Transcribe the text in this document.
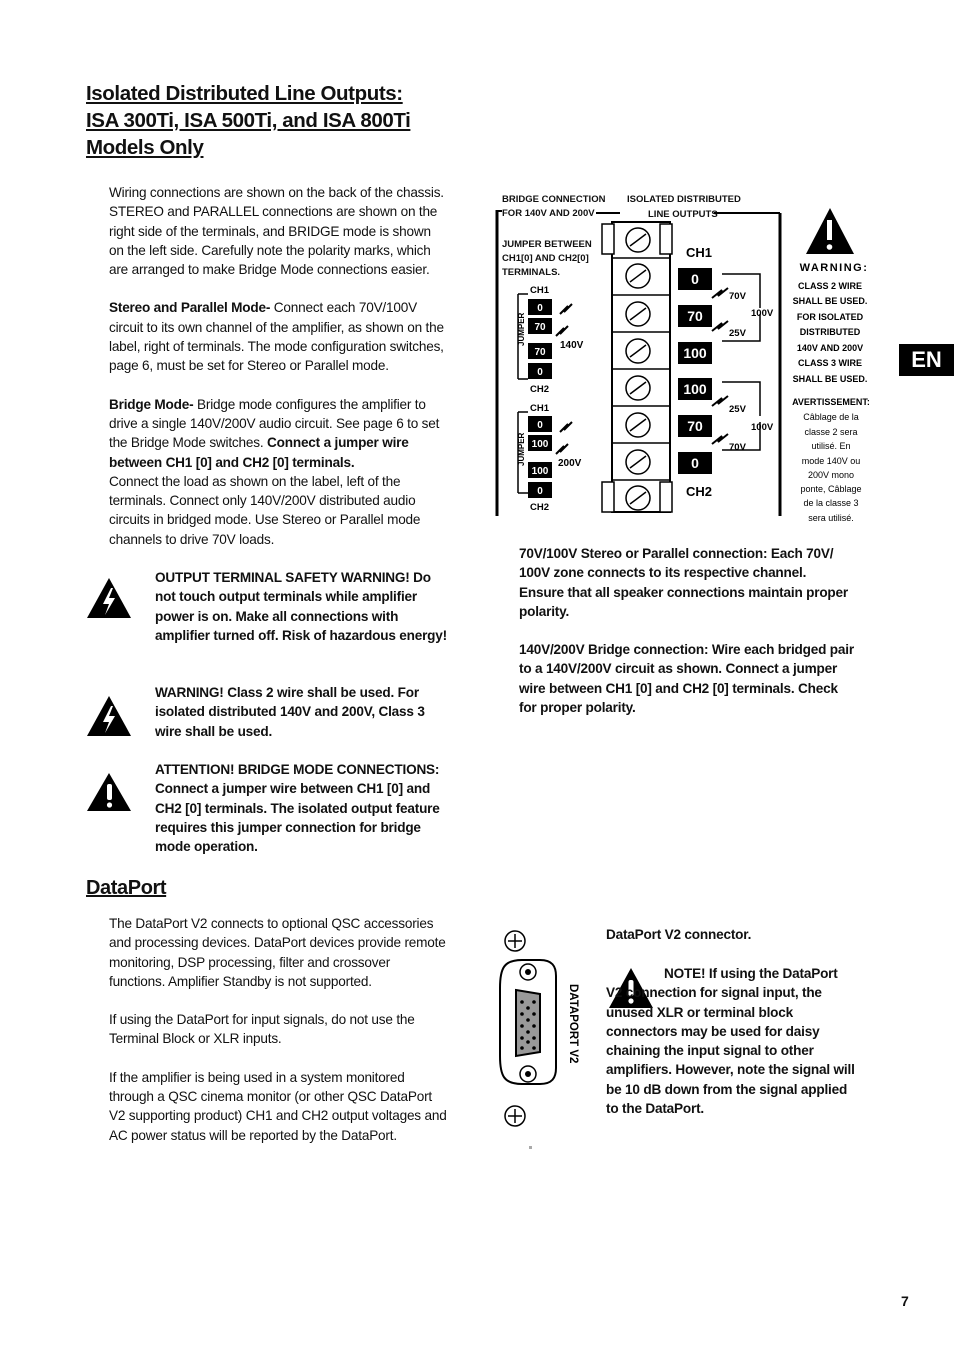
Isolated Distributed Line Outputs:
ISA 300Ti, ISA 500Ti, and ISA 800Ti
Models Only

Wiring connections are shown on the back of the chassis. STEREO and PARALLEL connections are shown on the right side of the terminals, and BRIDGE mode is shown on the left side. Carefully note the polarity marks, which are arranged to make Bridge Mode connections easier.

Stereo and Parallel Mode- Connect each 70V/100V circuit to its own channel of the amplifier, as shown on the label, right of terminals. The mode configuration switches, page 6, must be set for Stereo or Parallel mode.

Bridge Mode- Bridge mode configures the amplifier to drive a single 140V/200V audio circuit. See page 6 to set the Bridge Mode switches. Connect a jumper wire between CH1 [0] and CH2 [0] terminals.

Connect the load as shown on the label, left of the terminals. Connect only 140V/200V distributed audio circuits in bridged mode. Use Stereo or Parallel mode channels to drive 70V loads.

OUTPUT TERMINAL SAFETY WARNING! Do not touch output terminals while amplifier power is on. Make all connections with amplifier turned off. Risk of hazardous energy!
WARNING! Class 2 wire shall be used. For isolated distributed 140V and 200V, Class 3 wire shall be used.
ATTENTION! BRIDGE MODE CONNECTIONS: Connect a jumper wire between CH1 [0] and CH2 [0] terminals. The isolated output feature requires this jumper connection for bridge mode operation.
BRIDGE CONNECTION
FOR 140V AND 200V
ISOLATED DISTRIBUTED
LINE OUTPUTS
JUMPER BETWEEN
CH1[0] AND CH2[0]
TERMINALS.
CH1
CH2
JUMPER
0
70
70
0
140V
CH1
CH2
JUMPER
0
100
100
0
200V
CH1
CH2
0
70
100
100
70
0
70V
25V
100V
25V
70V
100V
WARNING:
CLASS 2 WIRE
SHALL BE USED.
FOR ISOLATED
DISTRIBUTED
140V AND 200V
CLASS 3 WIRE
SHALL BE USED.
AVERTISSEMENT:
Câblage de la
classe 2 sera
utilisé. En
mode 140V ou
200V mono
ponte, Câblage
de la classe 3
sera utilisé.
EN

70V/100V Stereo or Parallel connection: Each 70V/ 100V zone connects to its respective channel. Ensure that all speaker connections maintain proper polarity.

140V/200V Bridge connection: Wire each bridged pair to a 140V/200V circuit as shown. Connect a jumper wire between CH1 [0] and CH2 [0] terminals. Check for proper polarity.

DataPort

The DataPort V2 connects to optional QSC accessories and processing devices. DataPort devices provide remote monitoring, DSP processing, filter and crossover functions. Amplifier Standby is not supported.

If using the DataPort for input signals, do not use the Terminal Block or XLR inputs.

If the amplifier is being used in a system monitored through a QSC cinema monitor (or other QSC DataPort V2 supporting product) CH1 and CH2 output voltages and AC power status will be reported by the DataPort.

DATAPORT V2
DataPort V2 connector.
NOTE! If using the DataPort V2 connection for signal input, the unused XLR or terminal block connectors may be used for daisy chaining the input signal to other amplifiers. However, note the signal will be 10 dB down from the signal applied to the DataPort.
7
